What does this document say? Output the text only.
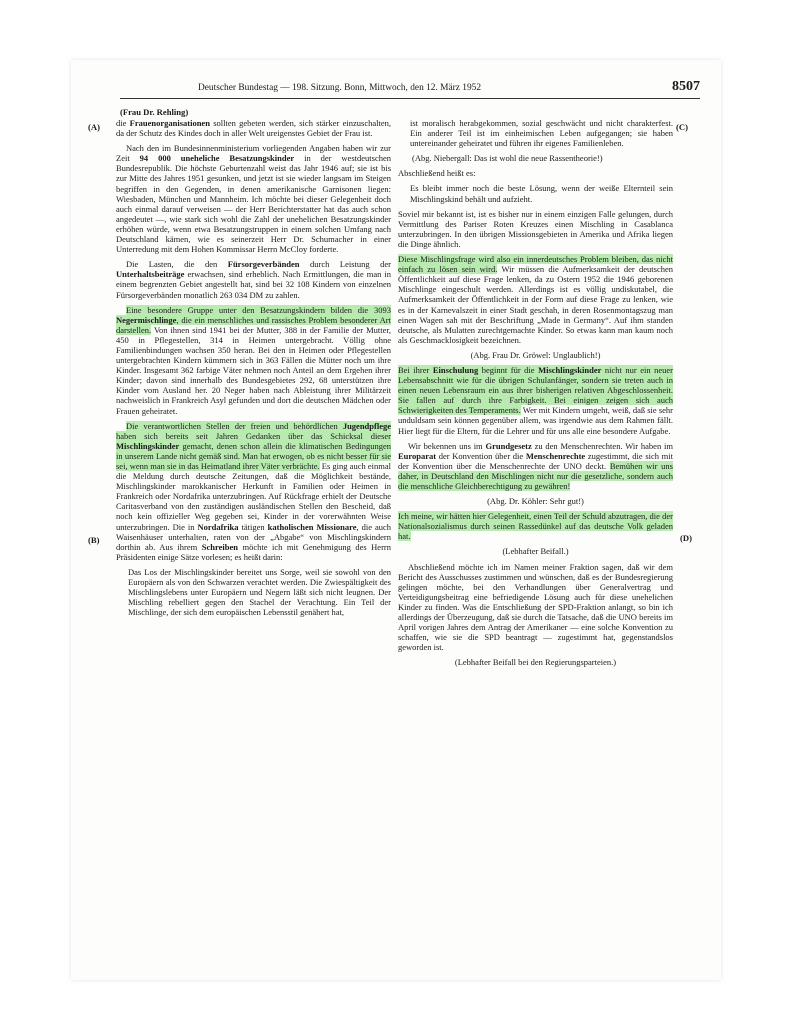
Deutscher Bundestag — 198. Sitzung. Bonn, Mittwoch, den 12. März 1952	8507
(Frau Dr. Rehling)
(A)
(B)
(C)
(D)

die Frauenorganisationen sollten gebeten werden, sich stärker einzuschalten, da der Schutz des Kindes doch in aller Welt ureigenstes Gebiet der Frau ist.

Nach den im Bundesinnenministerium vorliegenden Angaben haben wir zur Zeit 94 000 uneheliche Besatzungskinder in der westdeutschen Bundesrepublik. Die höchste Geburtenzahl weist das Jahr 1946 auf; sie ist bis zur Mitte des Jahres 1951 gesunken, und jetzt ist sie wieder langsam im Steigen begriffen in den Gegenden, in denen amerikanische Garnisonen liegen: Wiesbaden, München und Mannheim. Ich möchte bei dieser Gelegenheit doch auch einmal darauf verweisen — der Herr Berichterstatter hat das auch schon angedeutet —, wie stark sich wohl die Zahl der unehelichen Besatzungskinder erhöhen würde, wenn etwa Besatzungstruppen in einem solchen Umfang nach Deutschland kämen, wie es seinerzeit Herr Dr. Schumacher in einer Unterredung mit dem Hohen Kommissar Herrn McCloy forderte.

Die Lasten, die den Fürsorgeverbänden durch Leistung der Unterhaltsbeiträge erwachsen, sind erheblich. Nach Ermittlungen, die man in einem begrenzten Gebiet angestellt hat, sind bei 32 108 Kindern von einzelnen Fürsorgeverbänden monatlich 263 034 DM zu zahlen.

Eine besondere Gruppe unter den Besatzungskindern bilden die 3093 Negermischlinge, die ein menschliches und rassisches Problem besonderer Art darstellen. Von ihnen sind 1941 bei der Mutter, 388 in der Familie der Mutter, 450 in Pflegestellen, 314 in Heimen untergebracht. Völlig ohne Familienbindungen wachsen 350 heran. Bei den in Heimen oder Pflegestellen untergebrachten Kindern kümmern sich in 363 Fällen die Mütter noch um ihre Kinder. Insgesamt 362 farbige Väter nehmen noch Anteil an dem Ergehen ihrer Kinder; davon sind innerhalb des Bundesgebietes 292, 68 unterstützen ihre Kinder vom Ausland her. 20 Neger haben nach Ableistung ihrer Militärzeit nachweislich in Frankreich Asyl gefunden und dort die deutschen Mädchen oder Frauen geheiratet.

Die verantwortlichen Stellen der freien und behördlichen Jugendpflege haben sich bereits seit Jahren Gedanken über das Schicksal dieser Mischlingskinder gemacht, denen schon allein die klimatischen Bedingungen in unserem Lande nicht gemäß sind. Man hat erwogen, ob es nicht besser für sie sei, wenn man sie in das Heimatland ihrer Väter verbrächte. Es ging auch einmal die Meldung durch deutsche Zeitungen, daß die Möglichkeit bestände, Mischlingskinder marokkanischer Herkunft in Familien oder Heimen in Frankreich oder Nordafrika unterzubringen. Auf Rückfrage erhielt der Deutsche Caritasverband von den zuständigen ausländischen Stellen den Bescheid, daß noch kein offizieller Weg gegeben sei, Kinder in der vorerwähnten Weise unterzubringen. Die in Nordafrika tätigen katholischen Missionare, die auch Waisenhäuser unterhalten, raten von der „Abgabe“ von Mischlingskindern dorthin ab. Aus ihrem Schreiben möchte ich mit Genehmigung des Herrn Präsidenten einige Sätze vorlesen; es heißt darin:

Das Los der Mischlingskinder bereitet uns Sorge, weil sie sowohl von den Europäern als von den Schwarzen verachtet werden. Die Zwiespältigkeit des Mischlingslebens unter Europäern und Negern läßt sich nicht leugnen. Der Mischling rebelliert gegen den Stachel der Verachtung. Ein Teil der Mischlinge, der sich dem europäischen Lebensstil genähert hat,

ist moralisch herabgekommen, sozial geschwächt und nicht charakterfest. Ein anderer Teil ist im einheimischen Leben aufgegangen; sie haben untereinander geheiratet und führen ihr eigenes Familienleben.

(Abg. Niebergall: Das ist wohl die neue Rassentheorie!)

Abschließend heißt es:

Es bleibt immer noch die beste Lösung, wenn der weiße Elternteil sein Mischlingskind behält und aufzieht.

Soviel mir bekannt ist, ist es bisher nur in einem einzigen Falle gelungen, durch Vermittlung des Pariser Roten Kreuzes einen Mischling in Casablanca unterzubringen. In den übrigen Missionsgebieten in Amerika und Afrika liegen die Dinge ähnlich.

Diese Mischlingsfrage wird also ein innerdeutsches Problem bleiben, das nicht einfach zu lösen sein wird. Wir müssen die Aufmerksamkeit der deutschen Öffentlichkeit auf diese Frage lenken, da zu Ostern 1952 die 1946 geborenen Mischlinge eingeschult werden. Allerdings ist es völlig undiskutabel, die Aufmerksamkeit der Öffentlichkeit in der Form auf diese Frage zu lenken, wie es in der Karnevalszeit in einer Stadt geschah, in deren Rosenmontagszug man einen Wagen sah mit der Beschriftung „Made in Germany“. Auf ihm standen deutsche, als Mulatten zurechtgemachte Kinder. So etwas kann man kaum noch als Geschmacklosigkeit bezeichnen.

(Abg. Frau Dr. Gröwel: Unglaublich!)

Bei ihrer Einschulung beginnt für die Mischlingskinder nicht nur ein neuer Lebensabschnitt wie für die übrigen Schulanfänger, sondern sie treten auch in einen neuen Lebensraum ein aus ihrer bisherigen relativen Abgeschlossenheit. Sie fallen auf durch ihre Farbigkeit. Bei einigen zeigen sich auch Schwierigkeiten des Temperaments. Wer mit Kindern umgeht, weiß, daß sie sehr unduldsam sein können gegenüber allem, was irgendwie aus dem Rahmen fällt. Hier liegt für die Eltern, für die Lehrer und für uns alle eine besondere Aufgabe.

Wir bekennen uns im Grundgesetz zu den Menschenrechten. Wir haben im Europarat der Konvention über die Menschenrechte zugestimmt, die sich mit der Konvention über die Menschenrechte der UNO deckt. Bemühen wir uns daher, in Deutschland den Mischlingen nicht nur die gesetzliche, sondern auch die menschliche Gleichberechtigung zu gewähren!

(Abg. Dr. Köhler: Sehr gut!)

Ich meine, wir hätten hier Gelegenheit, einen Teil der Schuld abzutragen, die der Nationalsozialismus durch seinen Rassedünkel auf das deutsche Volk geladen hat.

(Lebhafter Beifall.)

Abschließend möchte ich im Namen meiner Fraktion sagen, daß wir dem Bericht des Ausschusses zustimmen und wünschen, daß es der Bundesregierung gelingen möchte, bei den Verhandlungen über Generalvertrag und Verteidigungsbeitrag eine befriedigende Lösung auch für diese unehelichen Kinder zu finden. Was die Entschließung der SPD-Fraktion anlangt, so bin ich allerdings der Überzeugung, daß sie durch die Tatsache, daß die UNO bereits im April vorigen Jahres dem Antrag der Amerikaner — eine solche Konvention zu schaffen, wie sie die SPD beantragt — zugestimmt hat, gegenstandslos geworden ist.

(Lebhafter Beifall bei den Regierungsparteien.)
